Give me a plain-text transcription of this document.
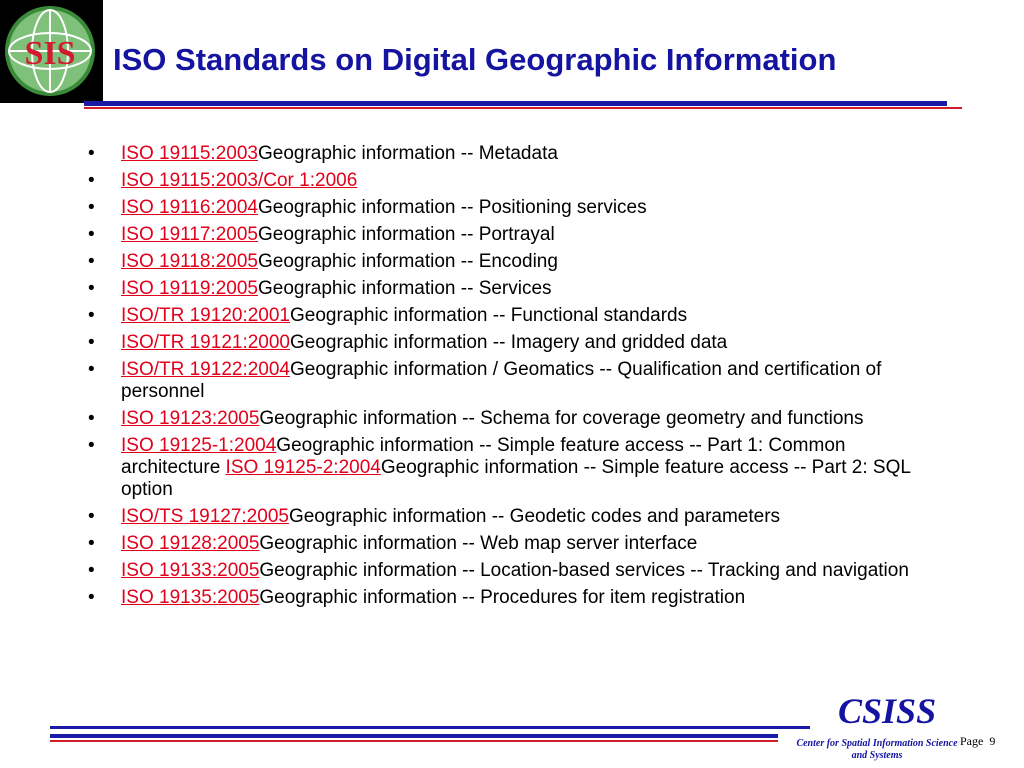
SIS ISO Standards on Digital Geographic Information
• ISO 19115:2003Geographic information -- Metadata
• ISO 19115:2003/Cor 1:2006
• ISO 19116:2004Geographic information -- Positioning services
• ISO 19117:2005Geographic information -- Portrayal
• ISO 19118:2005Geographic information -- Encoding
• ISO 19119:2005Geographic information -- Services
• ISO/TR 19120:2001Geographic information -- Functional standards
• ISO/TR 19121:2000Geographic information -- Imagery and gridded data
• ISO/TR 19122:2004Geographic information / Geomatics -- Qualification and certification of personnel
• ISO 19123:2005Geographic information -- Schema for coverage geometry and functions
• ISO 19125-1:2004Geographic information -- Simple feature access -- Part 1: Common architecture ISO 19125-2:2004Geographic information -- Simple feature access -- Part 2: SQL option
• ISO/TS 19127:2005Geographic information -- Geodetic codes and parameters
• ISO 19128:2005Geographic information -- Web map server interface
• ISO 19133:2005Geographic information -- Location-based services -- Tracking and navigation
• ISO 19135:2005Geographic information -- Procedures for item registration
CSISS
Center for Spatial Information Science
and Systems
Page 9
